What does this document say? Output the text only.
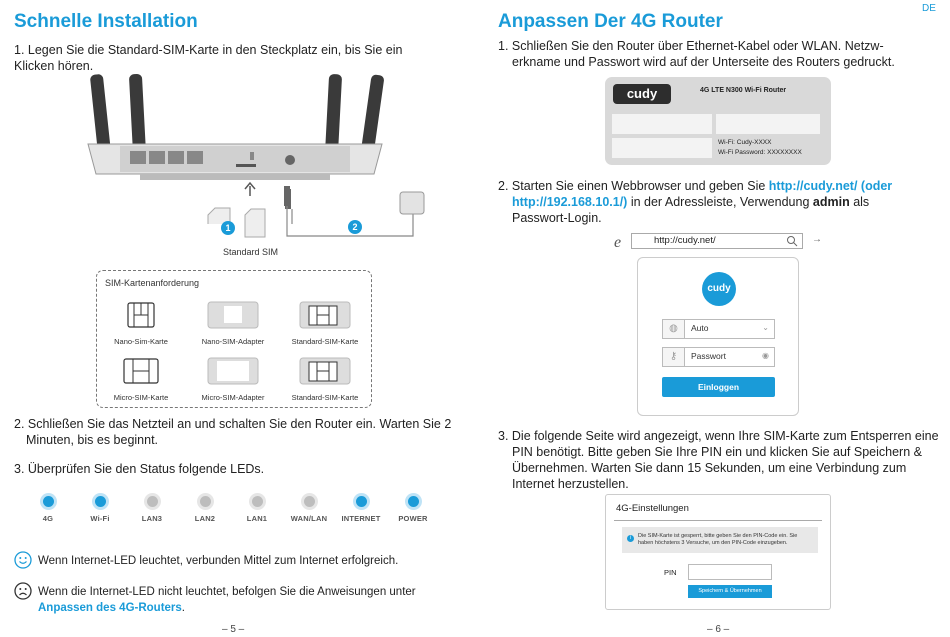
DE
Schnelle Installation
1. Legen Sie die Standard-SIM-Karte in den Steckplatz ein, bis Sie ein Klicken hören.
1	2
Standard SIM
SIM-Kartenanforderung
Nano-Sim-Karte	Nano-SIM-Adapter	Standard-SIM-Karte
Micro-SIM-Karte	Micro-SIM-Adapter	Standard-SIM-Karte
2. Schließen Sie das Netzteil an und schalten Sie den Router ein. Warten Sie 2 Minuten, bis es beginnt.
3. Überprüfen Sie den Status folgende LEDs.
4G	Wi-Fi	LAN3	LAN2	LAN1	WAN/LAN	INTERNET	POWER
Wenn Internet-LED leuchtet, verbunden Mittel zum Internet erfolgreich.
Wenn die Internet-LED nicht leuchtet, befolgen Sie die Anweisungen unter
Anpassen des 4G-Routers.
– 5 –
Anpassen Der 4G Router
1. Schließen Sie den Router über Ethernet-Kabel oder WLAN. Netzw-erkname und Passwort wird auf der Unterseite des Routers gedruckt.
cudy	4G LTE N300 Wi-Fi Router
Wi-Fi: Cudy-XXXX
Wi-Fi Password: XXXXXXXX
2. Starten Sie einen Webbrowser und geben Sie http://cudy.net/ (oder http://192.168.10.1/) in der Adressleiste, Verwendung admin als Passwort-Login.
e	http://cudy.net/	→
cudy
◍	Auto	⌄
⚷	Passwort	◉
Einloggen
3. Die folgende Seite wird angezeigt, wenn Ihre SIM-Karte zum Entsperren eine PIN benötigt. Bitte geben Sie Ihre PIN ein und klicken Sie auf Speichern & Übernehmen. Warten Sie dann 15 Sekunden, um eine Verbindung zum Internet herzustellen.
4G-Einstellungen
i	Die SIM-Karte ist gesperrt, bitte geben Sie den PIN-Code ein. Sie haben höchstens 3 Versuche, um den PIN-Code einzugeben.
PIN
Speichern & Übernehmen
– 6 –
